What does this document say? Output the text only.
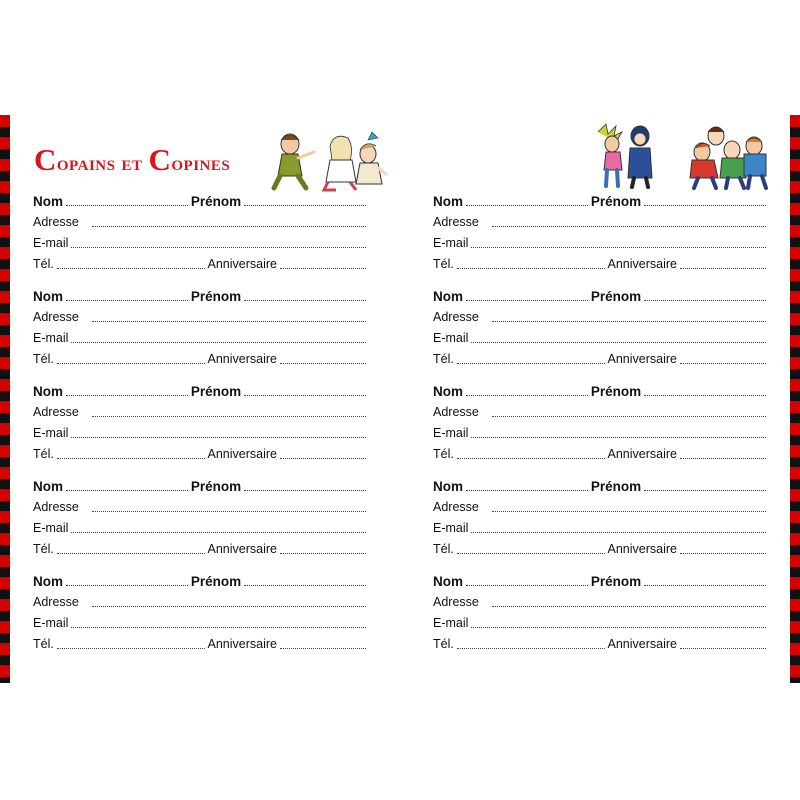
Copains et Copines
Nom	Prénom
Adresse
E-mail
Tél.	Anniversaire
Nom	Prénom
Adresse
E-mail
Tél.	Anniversaire
Nom	Prénom
Adresse
E-mail
Tél.	Anniversaire
Nom	Prénom
Adresse
E-mail
Tél.	Anniversaire
Nom	Prénom
Adresse
E-mail
Tél.	Anniversaire
Nom	Prénom
Adresse
E-mail
Tél.	Anniversaire
Nom	Prénom
Adresse
E-mail
Tél.	Anniversaire
Nom	Prénom
Adresse
E-mail
Tél.	Anniversaire
Nom	Prénom
Adresse
E-mail
Tél.	Anniversaire
Nom	Prénom
Adresse
E-mail
Tél.	Anniversaire
